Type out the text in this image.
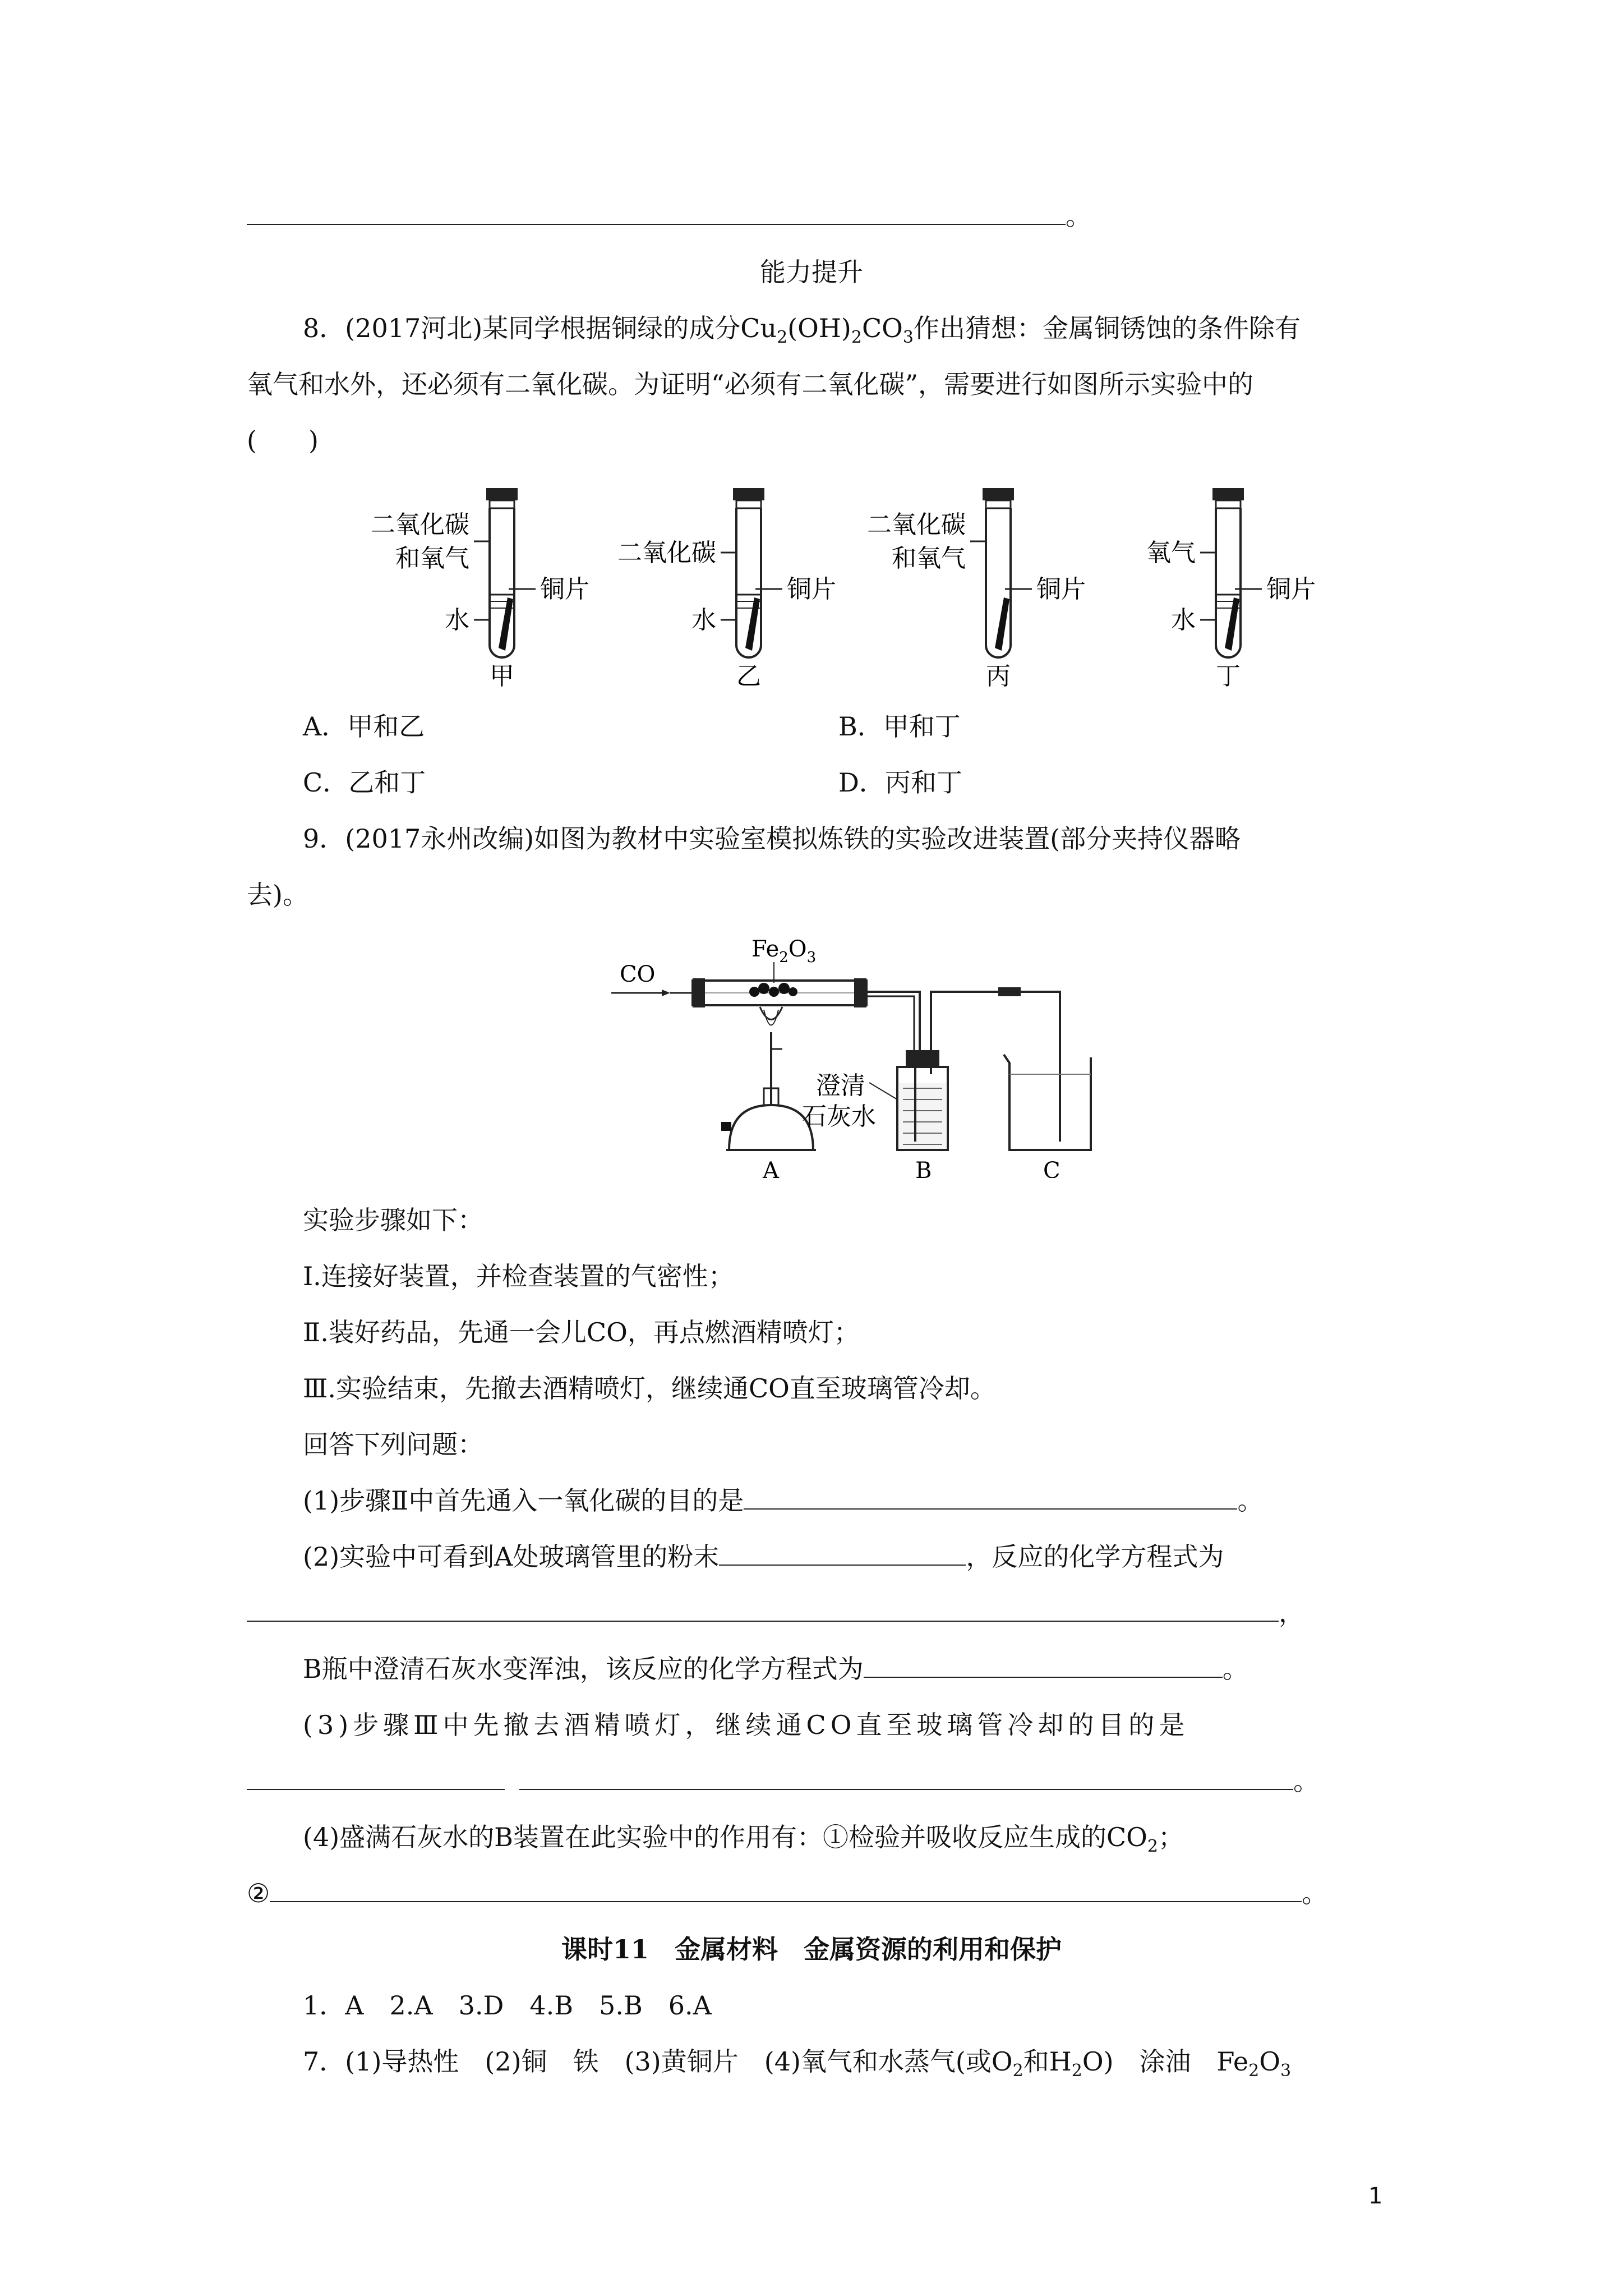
。
能力提升
8．(2017河北)某同学根据铜绿的成分$Cu_2(OH)_2CO_3$作出猜想：金属铜锈蚀的条件除有
氧气和水外，还必须有二氧化碳。为证明“必须有二氧化碳”，需要进行如图所示实验中的
(　　)
二氧化碳
和氧气
铜片
水
甲
二氧化碳
铜片
水
乙
二氧化碳
和氧气
铜片
丙
氧气
铜片
水
丁
A．甲和乙	B．甲和丁
C．乙和丁	D．丙和丁
9．(2017永州改编)如图为教材中实验室模拟炼铁的实验改进装置(部分夹持仪器略
去)。
CO
$Fe_2O_3$
澄清
石灰水
A	B	C
实验步骤如下：
Ⅰ.连接好装置，并检查装置的气密性；
Ⅱ.装好药品，先通一会儿CO，再点燃酒精喷灯；
Ⅲ.实验结束，先撤去酒精喷灯，继续通CO直至玻璃管冷却。
回答下列问题：
(1)步骤Ⅱ中首先通入一氧化碳的目的是	。
(2)实验中可看到A处玻璃管里的粉末	，反应的化学方程式为
，
B瓶中澄清石灰水变浑浊，该反应的化学方程式为	。
(3)步骤Ⅲ中先撤去酒精喷灯，继续通CO直至玻璃管冷却的目的是
。
(4)盛满石灰水的B装置在此实验中的作用有：①检验并吸收反应生成的$CO_2$；
②	。
课时11　金属材料　金属资源的利用和保护
1．A　2.A　3.D　4.B　5.B　6.A
7．(1)导热性　(2)铜　铁　(3)黄铜片　(4)氧气和水蒸气(或$O_2$和$H_2O$)　涂油　$Fe_2O_3$
1
